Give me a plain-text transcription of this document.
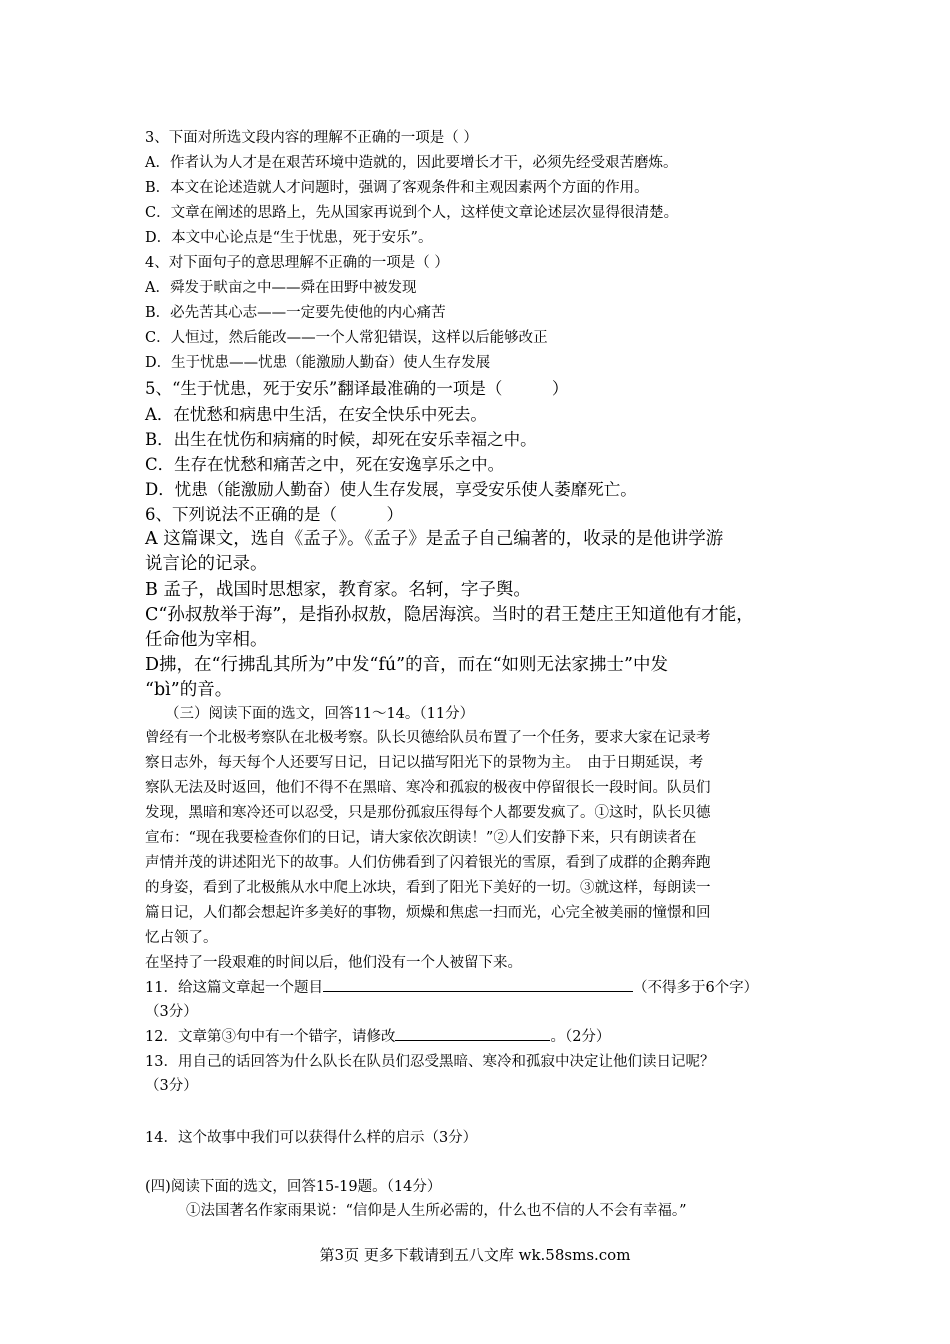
3、下面对所选文段内容的理解不正确的一项是（ ）
A．作者认为人才是在艰苦环境中造就的，因此要增长才干，必须先经受艰苦磨炼。
B．本文在论述造就人才问题时，强调了客观条件和主观因素两个方面的作用。
C．文章在阐述的思路上，先从国家再说到个人，这样使文章论述层次显得很清楚。
D．本文中心论点是“生于忧患，死于安乐”。
4、对下面句子的意思理解不正确的一项是（ ）
A．舜发于畎亩之中——舜在田野中被发现
B．必先苦其心志——一定要先使他的内心痛苦
C．人恒过，然后能改——一个人常犯错误，这样以后能够改正
D．生于忧患——忧患（能激励人勤奋）使人生存发展
5、“生于忧患，死于安乐”翻译最准确的一项是（　　　）
A．在忧愁和病患中生活，在安全快乐中死去。
B．出生在忧伤和病痛的时候，却死在安乐幸福之中。
C．生存在忧愁和痛苦之中，死在安逸享乐之中。
D．忧患（能激励人勤奋）使人生存发展，享受安乐使人萎靡死亡。
6、下列说法不正确的是（　　　）
A 这篇课文，选自《孟子》。《孟子》是孟子自己编著的，收录的是他讲学游
说言论的记录。
B 孟子，战国时思想家，教育家。名轲，字子舆。
C“孙叔敖举于海”，是指孙叔敖，隐居海滨。当时的君王楚庄王知道他有才能，
任命他为宰相。
D拂，在“行拂乱其所为”中发“fú”的音，而在“如则无法家拂士”中发
“bì”的音。
（三）阅读下面的选文，回答11～14。（11分）
曾经有一个北极考察队在北极考察。队长贝德给队员布置了一个任务，要求大家在记录考
察日志外，每天每个人还要写日记，日记以描写阳光下的景物为主。　由于日期延误，考
察队无法及时返回，他们不得不在黑暗、寒冷和孤寂的极夜中停留很长一段时间。队员们
发现，黑暗和寒冷还可以忍受，只是那份孤寂压得每个人都要发疯了。①这时，队长贝德
宣布：“现在我要检查你们的日记，请大家依次朗读！”②人们安静下来，只有朗读者在
声情并茂的讲述阳光下的故事。人们仿佛看到了闪着银光的雪原，看到了成群的企鹅奔跑
的身姿，看到了北极熊从水中爬上冰块，看到了阳光下美好的一切。③就这样，每朗读一
篇日记，人们都会想起许多美好的事物，烦燥和焦虑一扫而光，心完全被美丽的憧憬和回
忆占领了。
在坚持了一段艰难的时间以后，他们没有一个人被留下来。
11．给这篇文章起一个题目	（不得多于6个字）
（3分）
12．文章第③句中有一个错字，请修改	。（2分）
13．用自己的话回答为什么队长在队员们忍受黑暗、寒冷和孤寂中决定让他们读日记呢？
（3分）
14．这个故事中我们可以获得什么样的启示（3分）
(四)阅读下面的选文，回答15-19题。（14分）
①法国著名作家雨果说：“信仰是人生所必需的，什么也不信的人不会有幸福。”
第3页 更多下载请到五八文库 wk.58sms.com
